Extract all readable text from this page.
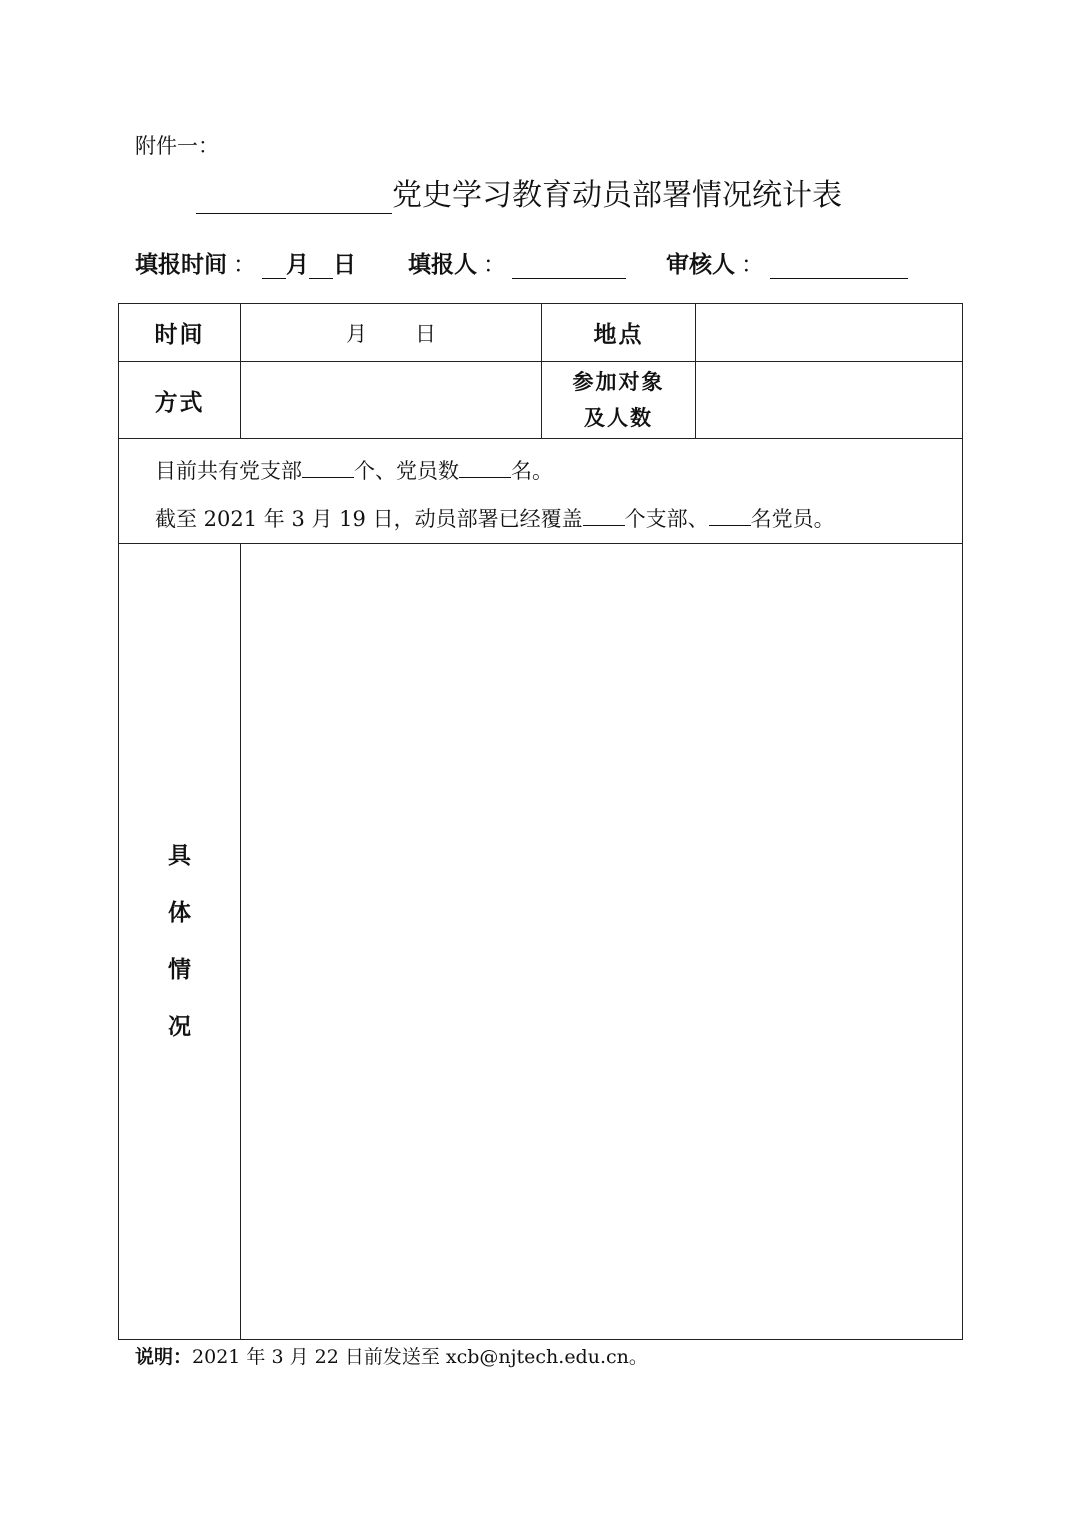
附件一：
党史学习教育动员部署情况统计表
填报时间 ： 月 日 填报人 ：	审核人 ：
时间	月 日	地点	
方式		参加对象
及人数	

目前共有党支部 个、党员数 名。
截至 2021 年 3 月 19 日，动员部署已经覆盖 个支部、 名党员。			

具
体
情
况			

说明：2021 年 3 月 22 日前发送至 xcb@njtech.edu.cn。
